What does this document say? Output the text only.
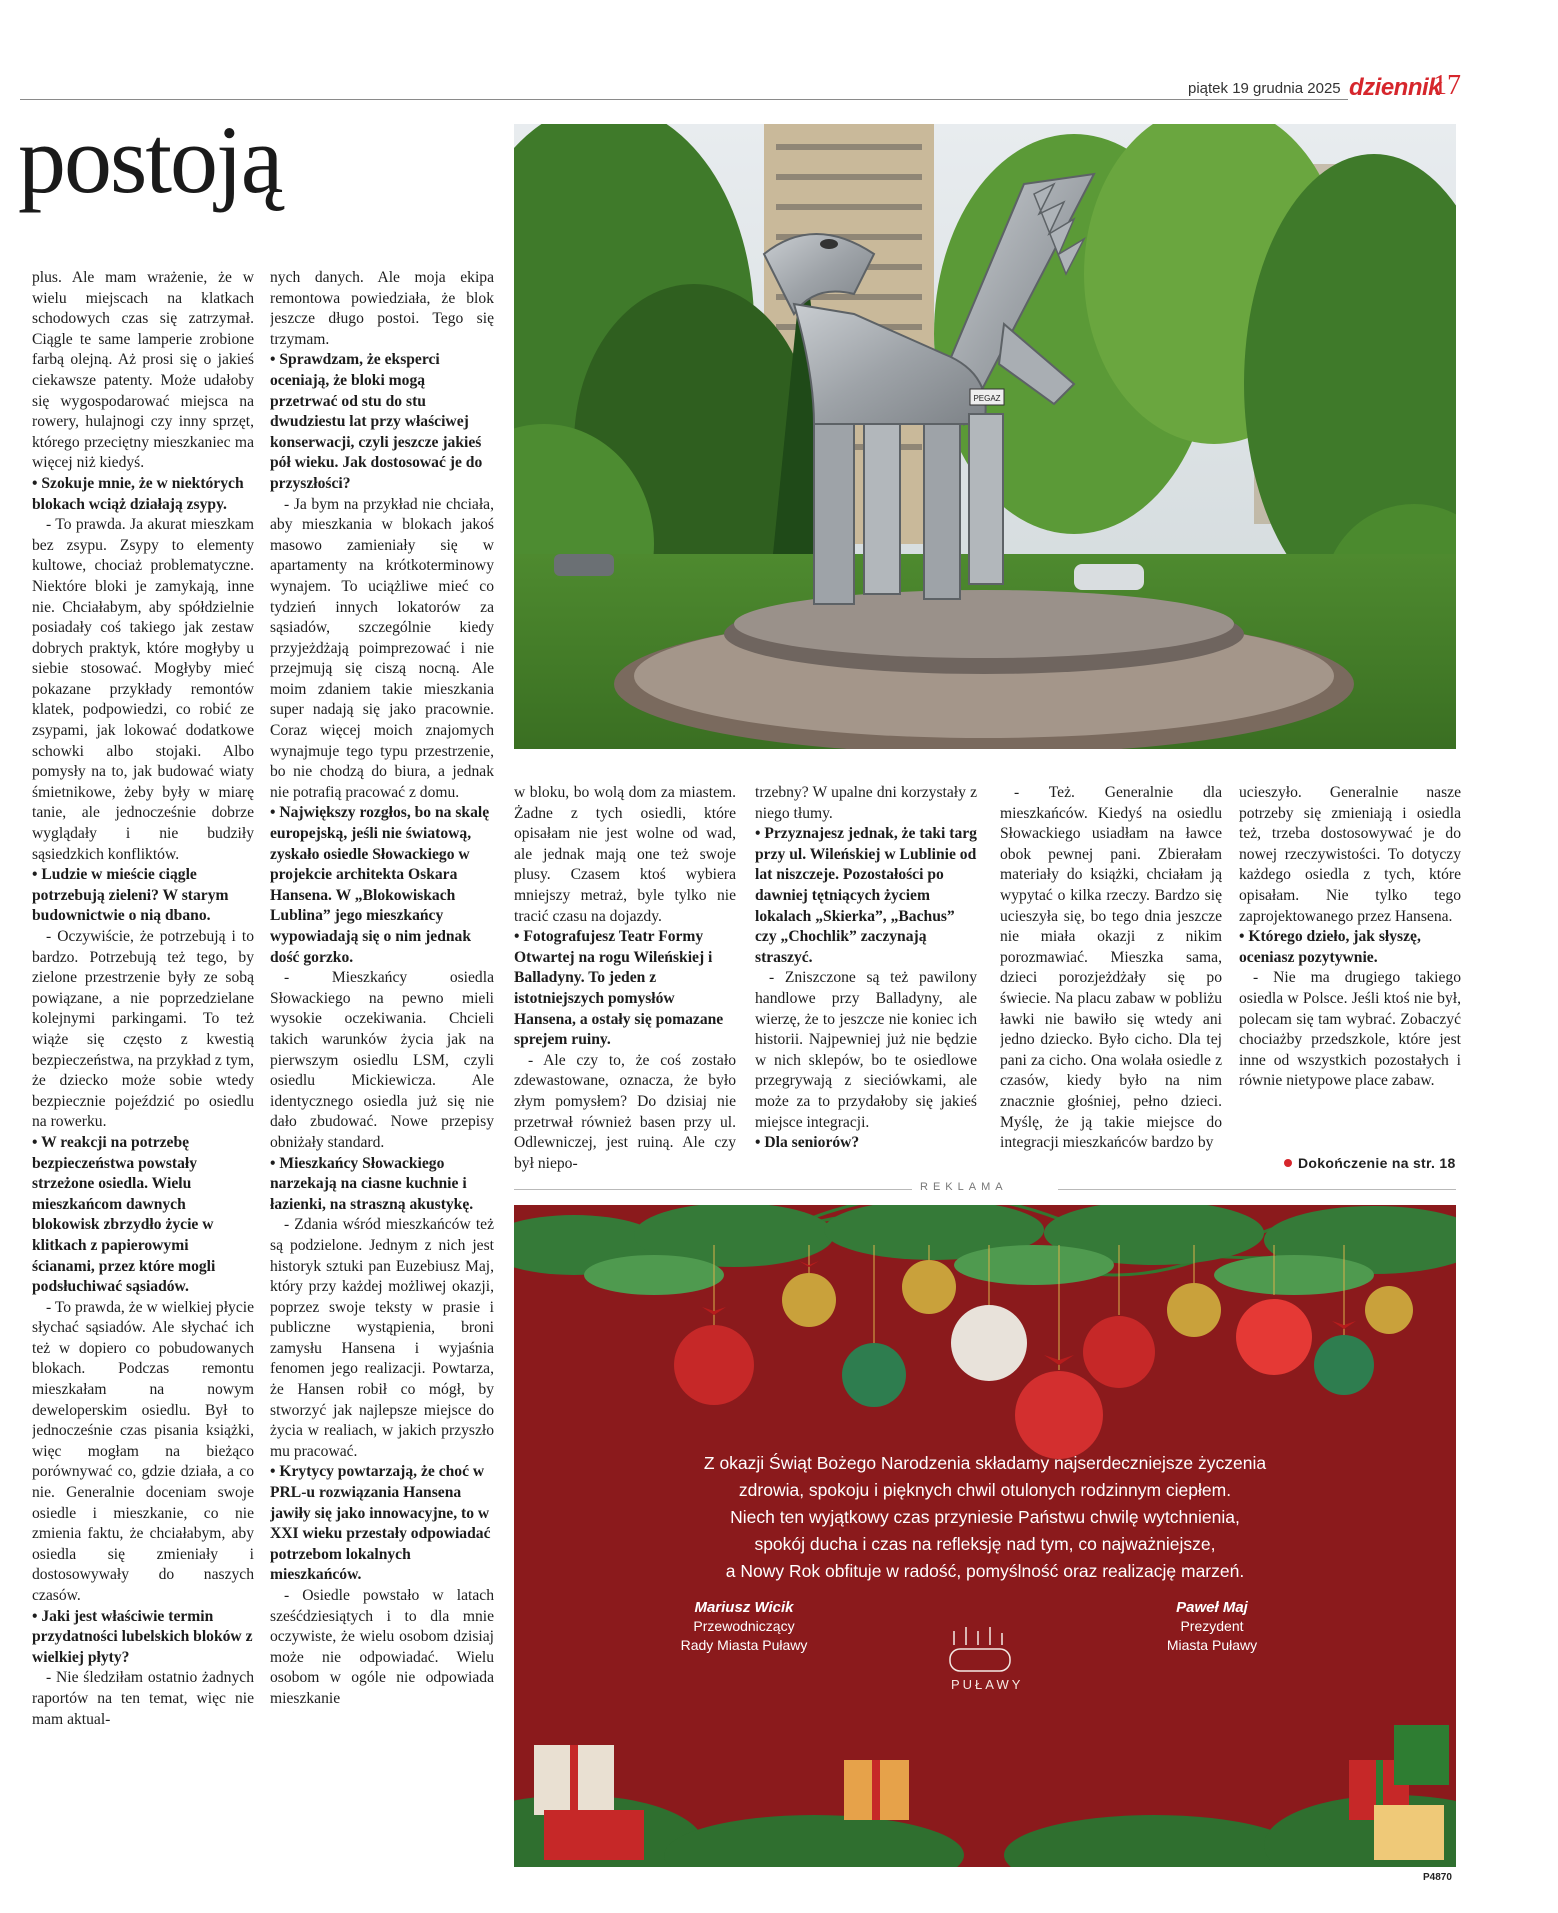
piątek 19 grudnia 2025 dziennik
17
postoją

plus. Ale mam wrażenie, że w wielu miejscach na klatkach schodowych czas się zatrzymał. Ciągle te same lamperie zrobione farbą olejną. Aż prosi się o jakieś ciekawsze patenty. Może udałoby się wygospodarować miejsca na rowery, hulajnogi czy inny sprzęt, którego przeciętny mieszkaniec ma więcej niż kiedyś.

• Szokuje mnie, że w niektórych blokach wciąż działają zsypy.

- To prawda. Ja akurat mieszkam bez zsypu. Zsypy to elementy kultowe, chociaż problematyczne. Niektóre bloki je zamykają, inne nie. Chciałabym, aby spółdzielnie posiadały coś takiego jak zestaw dobrych praktyk, które mogłyby u siebie stosować. Mogłyby mieć pokazane przykłady remontów klatek, podpowiedzi, co robić ze zsypami, jak lokować dodatkowe schowki albo stojaki. Albo pomysły na to, jak budować wiaty śmietnikowe, żeby były w miarę tanie, ale jednocześnie dobrze wyglądały i nie budziły sąsiedzkich konfliktów.

• Ludzie w mieście ciągle potrzebują zieleni? W starym budownictwie o nią dbano.

- Oczywiście, że potrzebują i to bardzo. Potrzebują też tego, by zielone przestrzenie były ze sobą powiązane, a nie poprzedzielane kolejnymi parkingami. To też wiąże się często z kwestią bezpieczeństwa, na przykład z tym, że dziecko może sobie wtedy bezpiecznie pojeździć po osiedlu na rowerku.

• W reakcji na potrzebę bezpieczeństwa powstały strzeżone osiedla. Wielu mieszkańcom dawnych blokowisk zbrzydło życie w klitkach z papierowymi ścianami, przez które mogli podsłuchiwać sąsiadów.

- To prawda, że w wielkiej płycie słychać sąsiadów. Ale słychać ich też w dopiero co pobudowanych blokach. Podczas remontu mieszkałam na nowym deweloperskim osiedlu. Był to jednocześnie czas pisania książki, więc mogłam na bieżąco porównywać co, gdzie działa, a co nie. Generalnie doceniam swoje osiedle i mieszkanie, co nie zmienia faktu, że chciałabym, aby osiedla się zmieniały i dostosowywały do naszych czasów.

• Jaki jest właściwie termin przydatności lubelskich bloków z wielkiej płyty?

- Nie śledziłam ostatnio żadnych raportów na ten temat, więc nie mam aktual-

nych danych. Ale moja ekipa remontowa powiedziała, że blok jeszcze długo postoi. Tego się trzymam.

• Sprawdzam, że eksperci oceniają, że bloki mogą przetrwać od stu do stu dwudziestu lat przy właściwej konserwacji, czyli jeszcze jakieś pół wieku. Jak dostosować je do przyszłości?

- Ja bym na przykład nie chciała, aby mieszkania w blokach jakoś masowo zamieniały się w apartamenty na krótkoterminowy wynajem. To uciążliwe mieć co tydzień innych lokatorów za sąsiadów, szczególnie kiedy przyjeżdżają poimprezować i nie przejmują się ciszą nocną. Ale moim zdaniem takie mieszkania super nadają się jako pracownie. Coraz więcej moich znajomych wynajmuje tego typu przestrzenie, bo nie chodzą do biura, a jednak nie potrafią pracować z domu.

• Największy rozgłos, bo na skalę europejską, jeśli nie światową, zyskało osiedle Słowackiego w projekcie architekta Oskara Hansena. W „Blokowiskach Lublina” jego mieszkańcy wypowiadają się o nim jednak dość gorzko.

- Mieszkańcy osiedla Słowackiego na pewno mieli wysokie oczekiwania. Chcieli takich warunków życia jak na pierwszym osiedlu LSM, czyli osiedlu Mickiewicza. Ale identycznego osiedla już się nie dało zbudować. Nowe przepisy obniżały standard.

• Mieszkańcy Słowackiego narzekają na ciasne kuchnie i łazienki, na straszną akustykę.

- Zdania wśród mieszkańców też są podzielone. Jednym z nich jest historyk sztuki pan Euzebiusz Maj, który przy każdej możliwej okazji, poprzez swoje teksty w prasie i publiczne wystąpienia, broni zamysłu Hansena i wyjaśnia fenomen jego realizacji. Powtarza, że Hansen robił co mógł, by stworzyć jak najlepsze miejsce do życia w realiach, w jakich przyszło mu pracować.

• Krytycy powtarzają, że choć w PRL-u rozwiązania Hansena jawiły się jako innowacyjne, to w XXI wieku przestały odpowiadać potrzebom lokalnych mieszkańców.

- Osiedle powstało w latach sześćdziesiątych i to dla mnie oczywiste, że wielu osobom dzisiaj może nie odpowiadać. Wielu osobom w ogóle nie odpowiada mieszkanie

w bloku, bo wolą dom za miastem. Żadne z tych osiedli, które opisałam nie jest wolne od wad, ale jednak mają one też swoje plusy. Czasem ktoś wybiera mniejszy metraż, byle tylko nie tracić czasu na dojazdy.

• Fotografujesz Teatr Formy Otwartej na rogu Wileńskiej i Balladyny. To jeden z istotniejszych pomysłów Hansena, a ostały się pomazane sprejem ruiny.

- Ale czy to, że coś zostało zdewastowane, oznacza, że było złym pomysłem? Do dzisiaj nie przetrwał również basen przy ul. Odlewniczej, jest ruiną. Ale czy był niepo-

trzebny? W upalne dni korzystały z niego tłumy.

• Przyznajesz jednak, że taki targ przy ul. Wileńskiej w Lublinie od lat niszczeje. Pozostałości po dawniej tętniących życiem lokalach „Skierka”, „Bachus” czy „Chochlik” zaczynają straszyć.

- Zniszczone są też pawilony handlowe przy Balladyny, ale wierzę, że to jeszcze nie koniec ich historii. Najpewniej już nie będzie w nich sklepów, bo te osiedlowe przegrywają z sieciówkami, ale może za to przydałoby się jakieś miejsce integracji.

• Dla seniorów?

- Też. Generalnie dla mieszkańców. Kiedyś na osiedlu Słowackiego usiadłam na ławce obok pewnej pani. Zbierałam materiały do książki, chciałam ją wypytać o kilka rzeczy. Bardzo się ucieszyła się, bo tego dnia jeszcze nie miała okazji z nikim porozmawiać. Mieszka sama, dzieci porozjeżdżały się po świecie. Na placu zabaw w pobliżu ławki nie bawiło się wtedy ani jedno dziecko. Było cicho. Dla tej pani za cicho. Ona wolała osiedle z czasów, kiedy było na nim znacznie głośniej, pełno dzieci. Myślę, że ją takie miejsce do integracji mieszkańców bardzo by

ucieszyło. Generalnie nasze potrzeby się zmieniają i osiedla też, trzeba dostosowywać je do nowej rzeczywistości. To dotyczy każdego osiedla z tych, które opisałam. Nie tylko tego zaprojektowanego przez Hansena.

• Którego dzieło, jak słyszę, oceniasz pozytywnie.

- Nie ma drugiego takiego osiedla w Polsce. Jeśli ktoś nie był, polecam się tam wybrać. Zobaczyć chociażby przedszkole, które jest inne od wszystkich pozostałych i równie nietypowe place zabaw.

Dokończenie na str. 18
PEGAZ
REKLAMA
Z okazji Świąt Bożego Narodzenia składamy najserdeczniejsze życzenia
zdrowia, spokoju i pięknych chwil otulonych rodzinnym ciepłem.
Niech ten wyjątkowy czas przyniesie Państwu chwilę wytchnienia,
spokój ducha i czas na refleksję nad tym, co najważniejsze,
a Nowy Rok obfituje w radość, pomyślność oraz realizację marzeń.
Mariusz Wicik
Przewodniczący
Rady Miasta Puławy
Paweł Maj
Prezydent
Miasta Puławy
PUŁAWY
P4870
